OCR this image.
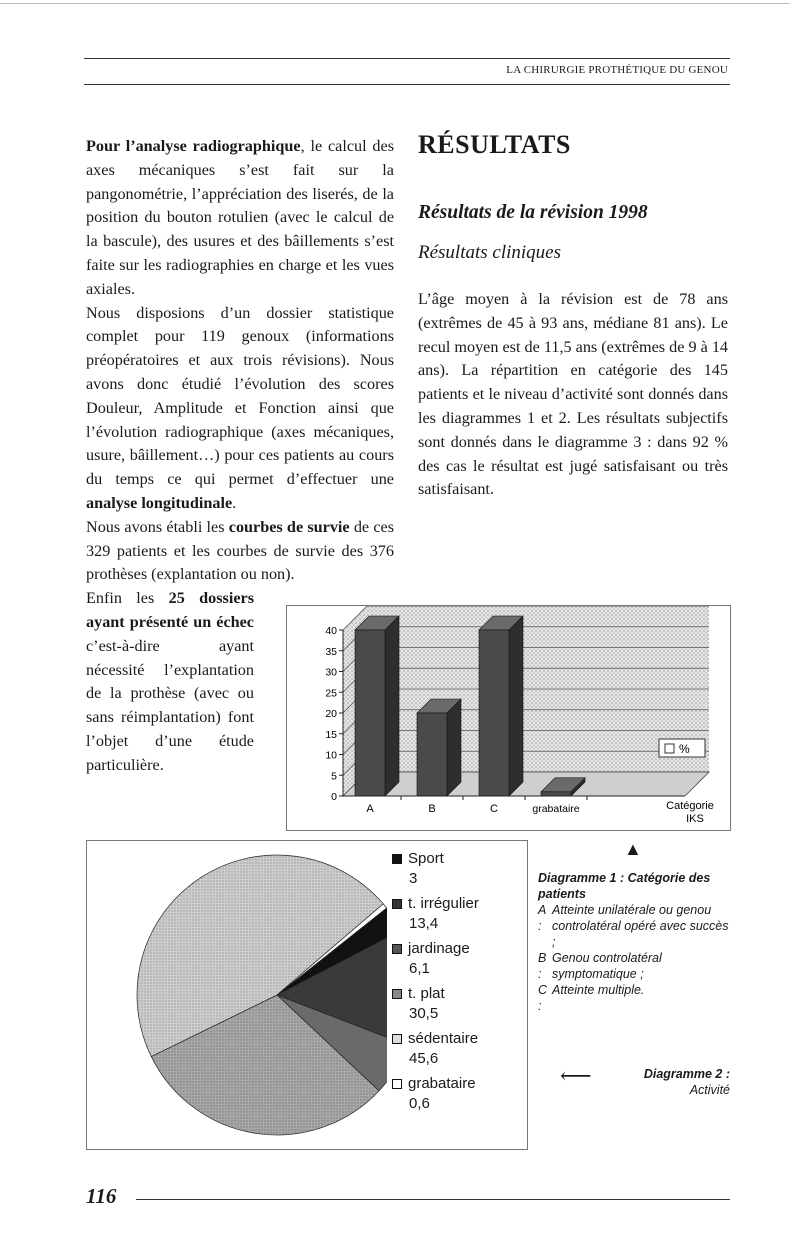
LA CHIRURGIE PROTHÉTIQUE DU GENOU

Pour l’analyse radiographique, le calcul des axes mécaniques s’est fait sur la pangonométrie, l’appréciation des liserés, de la position du bouton rotulien (avec le calcul de la bascule), des usures et des bâillements s’est faite sur les radiographies en charge et les vues axiales.

Nous disposions d’un dossier statistique complet pour 119 genoux (informations préopératoires et aux trois révisions). Nous avons donc étudié l’évolution des scores Douleur, Amplitude et Fonction ainsi que l’évolution radiographique (axes mécaniques, usure, bâillement…) pour ces patients au cours du temps ce qui permet d’effectuer une analyse longitudinale.

Nous avons établi les courbes de survie de ces 329 patients et les courbes de survie des 376 prothèses (explantation ou non).

Enfin les 25 dossiers ayant présenté un échec c’est-à-dire ayant nécessité l’explantation de la prothèse (avec ou sans réimplantation) font l’objet d’une étude particulière.

RÉSULTATS
Résultats de la révision 1998
Résultats cliniques

L’âge moyen à la révision est de 78 ans (extrêmes de 45 à 93 ans, médiane 81 ans). Le recul moyen est de 11,5 ans (extrêmes de 9 à 14 ans). La répartition en catégorie des 145 patients et le niveau d’activité sont donnés dans les diagrammes 1 et 2. Les résultats subjectifs sont donnés dans le diagramme 3 : dans 92 % des cas le résultat est jugé satisfaisant ou très satisfaisant.

0
5
10
15
20
25
30
35
40
A	B	C	grabataire	Catégorie
IKS
%
Sport
3
t. irrégulier
13,4
jardinage
6,1
t. plat
30,5
sédentaire
45,6
grabataire
0,6
▲
Diagramme 1 : Catégorie des patients
A :
Atteinte unilatérale ou genou controlatéral opéré avec succès ;
B :
Genou controlatéral symptomatique ;
C :
Atteinte multiple.
⟵	Diagramme 2 :
Activité
116
